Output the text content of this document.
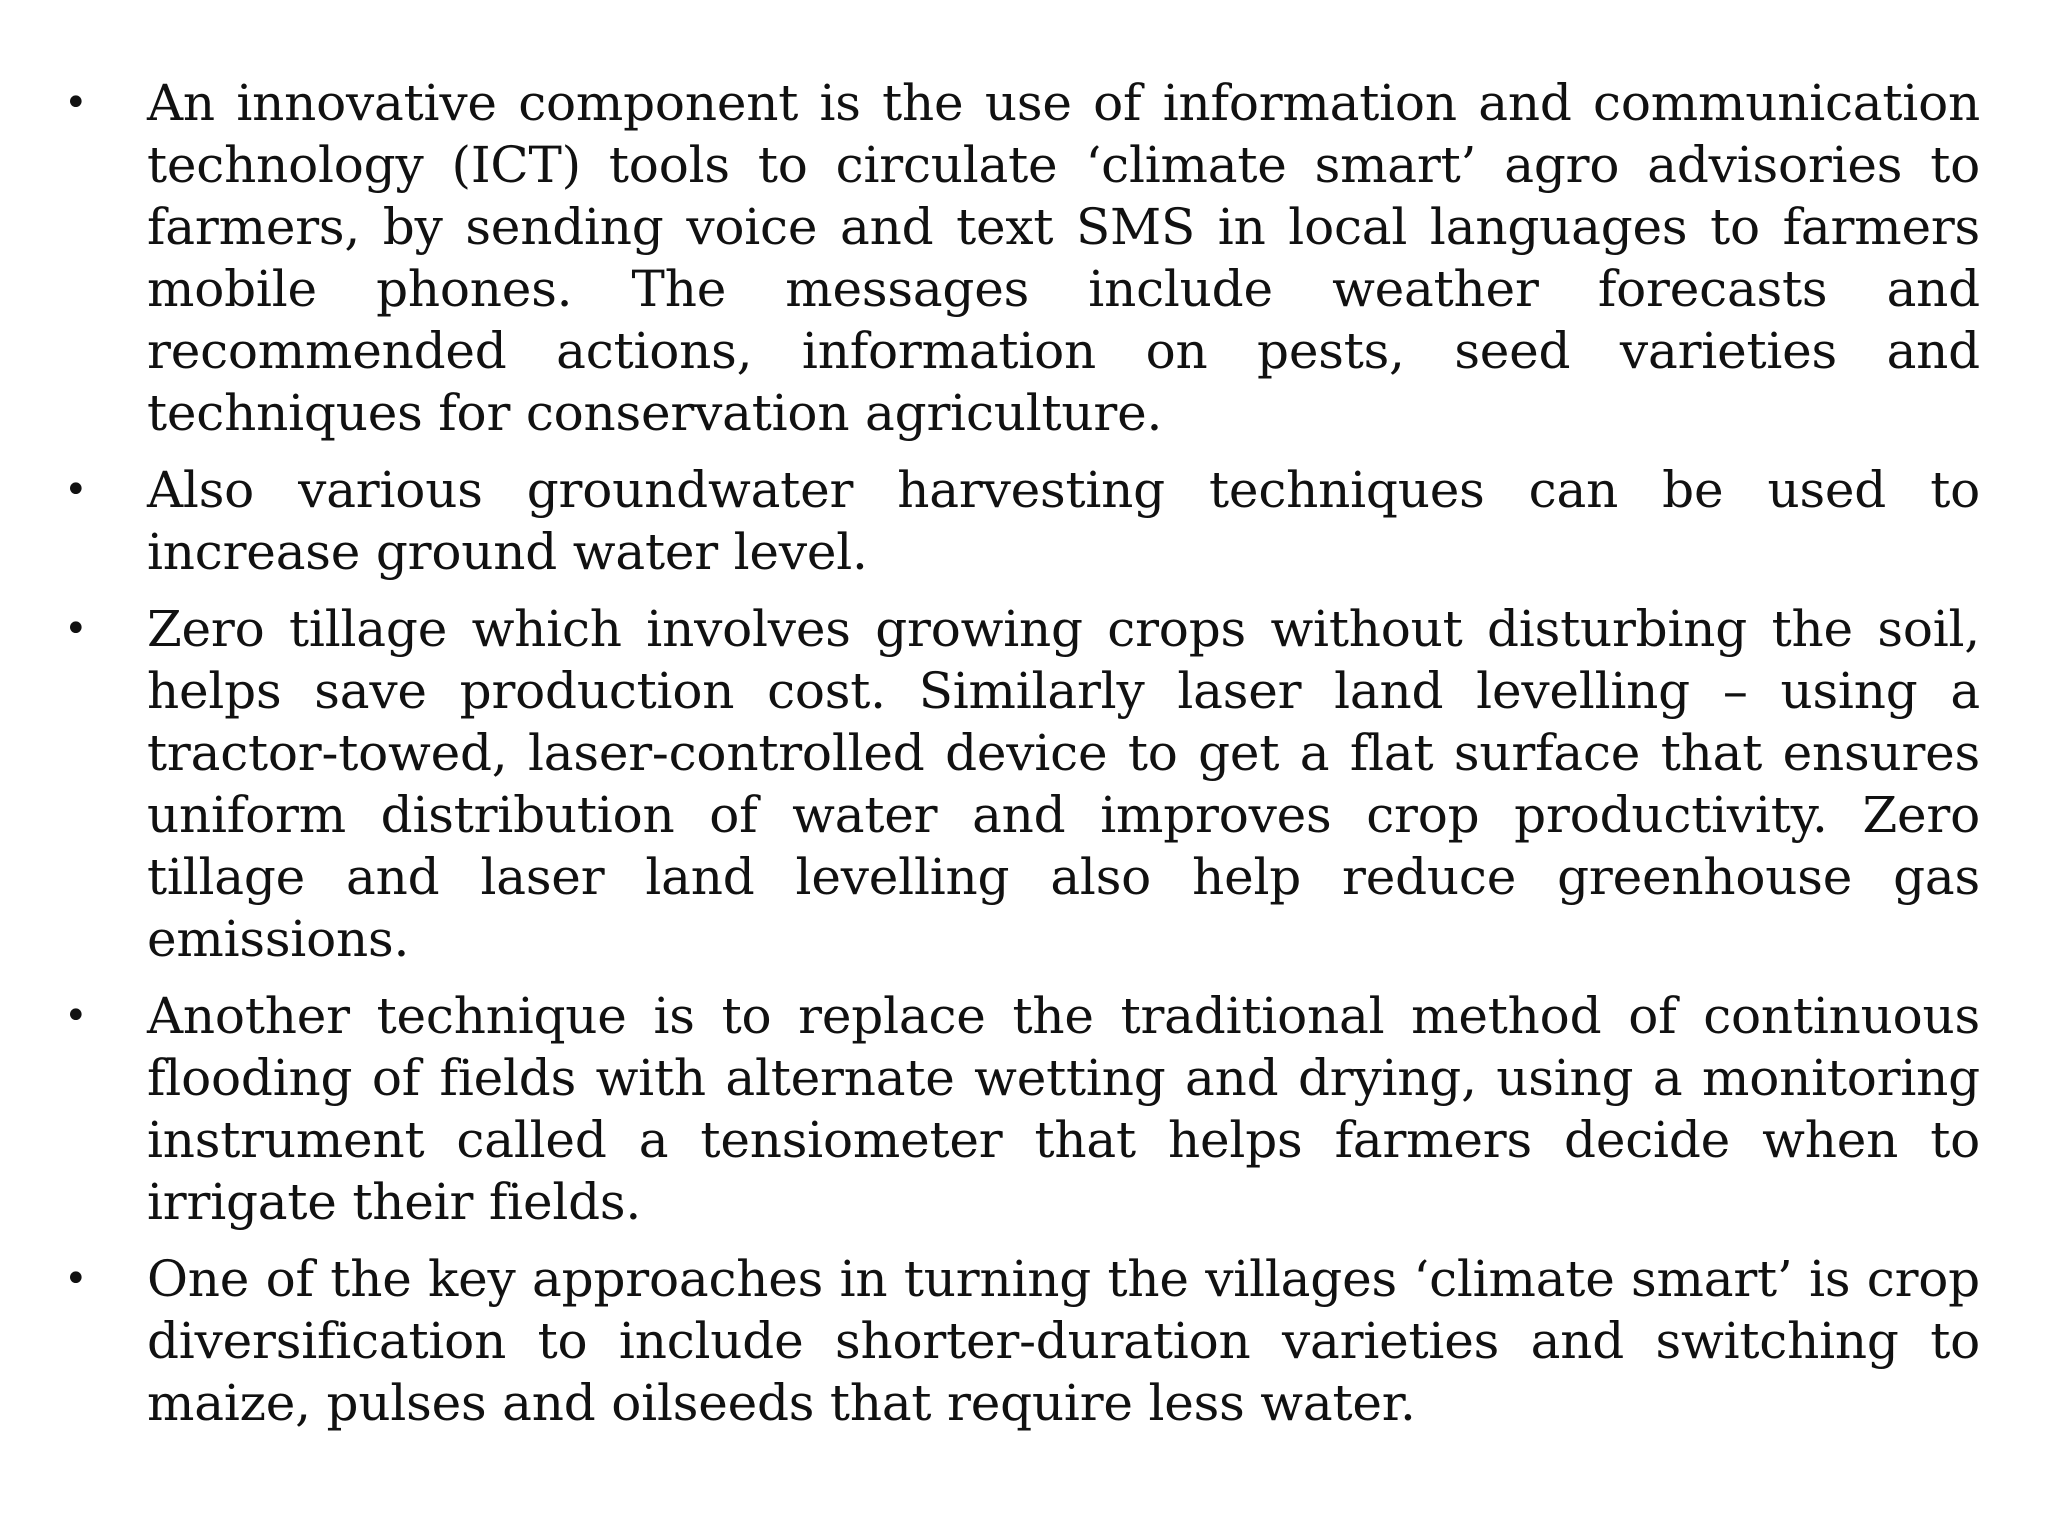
•	An innovative component is the use of information and communication technology (ICT) tools to circulate ‘climate smart’ agro advisories to farmers, by sending voice and text SMS in local languages to farmers mobile phones. The messages include weather forecasts and recommended actions, information on pests, seed varieties and techniques for conservation agriculture.
•	Also various groundwater harvesting techniques can be used to increase ground water level.
•	Zero tillage which involves growing crops without disturbing the soil, helps save production cost. Similarly laser land levelling – using a tractor-towed, laser-controlled device to get a flat surface that ensures uniform distribution of water and improves crop productivity. Zero tillage and laser land levelling also help reduce greenhouse gas emissions.
•	Another technique is to replace the traditional method of continuous flooding of fields with alternate wetting and drying, using a monitoring instrument called a tensiometer that helps farmers decide when to irrigate their fields.
•	One of the key approaches in turning the villages ‘climate smart’ is crop diversification to include shorter-duration varieties and switching to maize, pulses and oilseeds that require less water.
